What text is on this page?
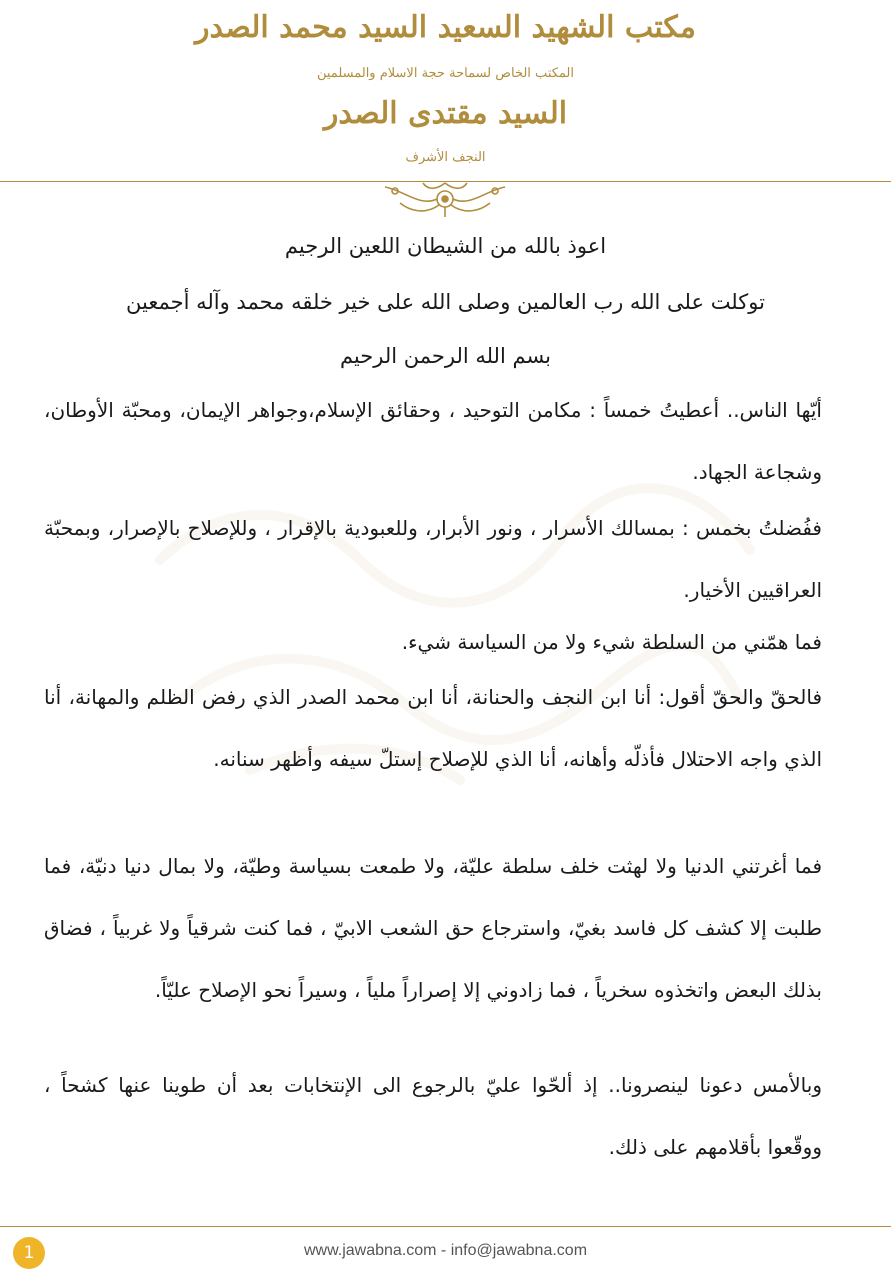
مكتب الشهيد السعيد السيد محمد الصدر
المكتب الخاص لسماحة حجة الاسلام والمسلمين
السيد مقتدى الصدر
النجف الأشرف
اعوذ بالله من الشيطان اللعين الرجيم
توكلت على الله رب العالمين وصلى الله على خير خلقه محمد وآله أجمعين
بسم الله الرحمن الرحيم

أيّها الناس.. أعطيتُ خمساً : مكامن التوحيد ، وحقائق الإسلام،وجواهر الإيمان، ومحبّة الأوطان، وشجاعة الجهاد.

ففُضلتُ بخمس : بمسالك الأسرار ، ونور الأبرار، وللعبودية بالإقرار ، وللإصلاح بالإصرار، وبمحبّة العراقيين الأخيار.

فما همّني من السلطة شيء ولا من السياسة شيء.

فالحقّ والحقّ أقول: أنا ابن النجف والحنانة، أنا ابن محمد الصدر الذي رفض الظلم والمهانة، أنا الذي واجه الاحتلال فأذلّه وأهانه، أنا الذي للإصلاح إستلّ سيفه وأظهر سنانه.

فما أغرتني الدنيا ولا لهثت خلف سلطة عليّة، ولا طمعت بسياسة وطيّة، ولا بمال دنيا دنيّة، فما طلبت إلا كشف كل فاسد بغيّ، واسترجاع حق الشعب الابيّ ، فما كنت شرقياً ولا غربياً ، فضاق بذلك البعض واتخذوه سخرياً ، فما زادوني إلا إصراراً ملياً ، وسيراً نحو الإصلاح عليّاً.

وبالأمس دعونا لينصرونا.. إذ ألحّوا عليّ بالرجوع الى الإنتخابات بعد أن طوينا عنها كشحاً ، ووقّعوا بأقلامهم على ذلك.

1	www.jawabna.com - info@jawabna.com
